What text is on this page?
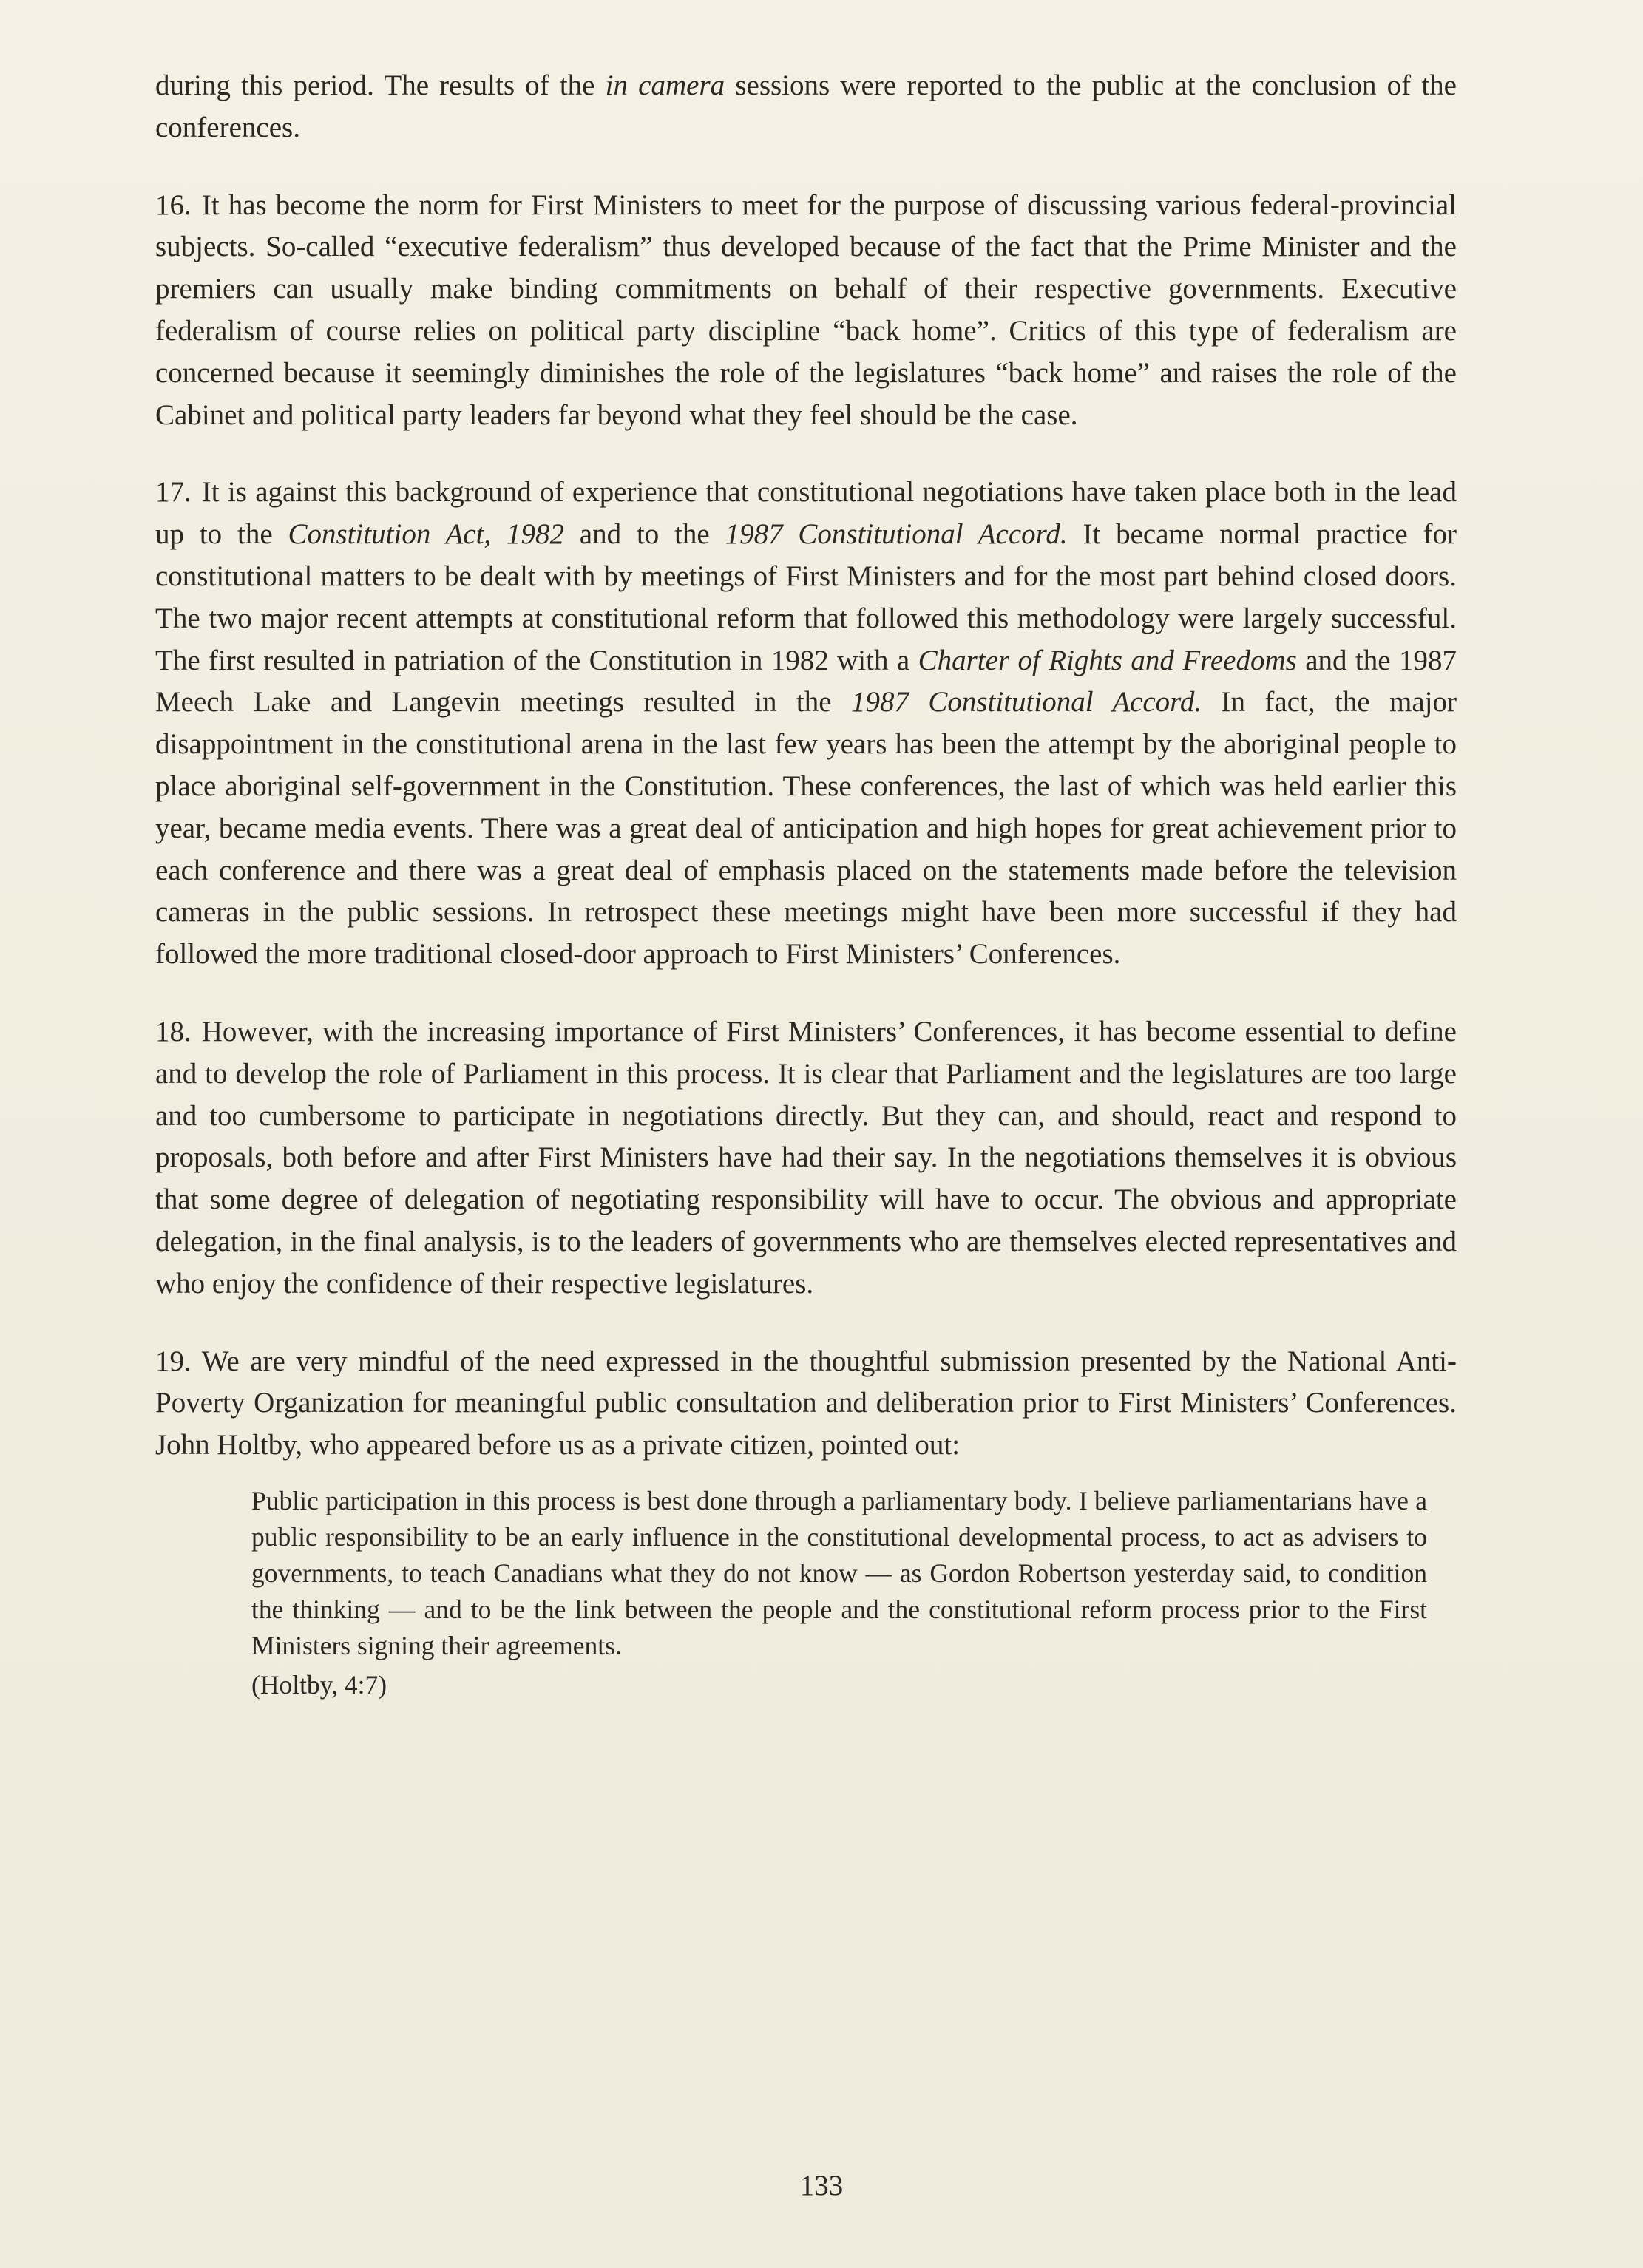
during this period. The results of the in camera sessions were reported to the public at the conclusion of the conferences.

16. It has become the norm for First Ministers to meet for the purpose of discussing various federal-provincial subjects. So-called “executive federalism” thus developed because of the fact that the Prime Minister and the premiers can usually make binding commitments on behalf of their respective governments. Executive federalism of course relies on political party discipline “back home”. Critics of this type of federalism are concerned because it seemingly diminishes the role of the legislatures “back home” and raises the role of the Cabinet and political party leaders far beyond what they feel should be the case.

17. It is against this background of experience that constitutional negotiations have taken place both in the lead up to the Constitution Act, 1982 and to the 1987 Constitutional Accord. It became normal practice for constitutional matters to be dealt with by meetings of First Ministers and for the most part behind closed doors. The two major recent attempts at constitutional reform that followed this methodology were largely successful. The first resulted in patriation of the Constitution in 1982 with a Charter of Rights and Freedoms and the 1987 Meech Lake and Langevin meetings resulted in the 1987 Constitutional Accord. In fact, the major disappointment in the constitutional arena in the last few years has been the attempt by the aboriginal people to place aboriginal self-government in the Constitution. These conferences, the last of which was held earlier this year, became media events. There was a great deal of anticipation and high hopes for great achievement prior to each conference and there was a great deal of emphasis placed on the statements made before the television cameras in the public sessions. In retrospect these meetings might have been more successful if they had followed the more traditional closed-door approach to First Ministers’ Conferences.

18. However, with the increasing importance of First Ministers’ Conferences, it has become essential to define and to develop the role of Parliament in this process. It is clear that Parliament and the legislatures are too large and too cumbersome to participate in negotiations directly. But they can, and should, react and respond to proposals, both before and after First Ministers have had their say. In the negotiations themselves it is obvious that some degree of delegation of negotiating responsibility will have to occur. The obvious and appropriate delegation, in the final analysis, is to the leaders of governments who are themselves elected representatives and who enjoy the confidence of their respective legislatures.

19. We are very mindful of the need expressed in the thoughtful submission presented by the National Anti-Poverty Organization for meaningful public consultation and deliberation prior to First Ministers’ Conferences. John Holtby, who appeared before us as a private citizen, pointed out:

Public participation in this process is best done through a parliamentary body. I believe parliamentarians have a public responsibility to be an early influence in the constitutional developmental process, to act as advisers to governments, to teach Canadians what they do not know — as Gordon Robertson yesterday said, to condition the thinking — and to be the link between the people and the constitutional reform process prior to the First Ministers signing their agreements.
(Holtby, 4:7)
133
